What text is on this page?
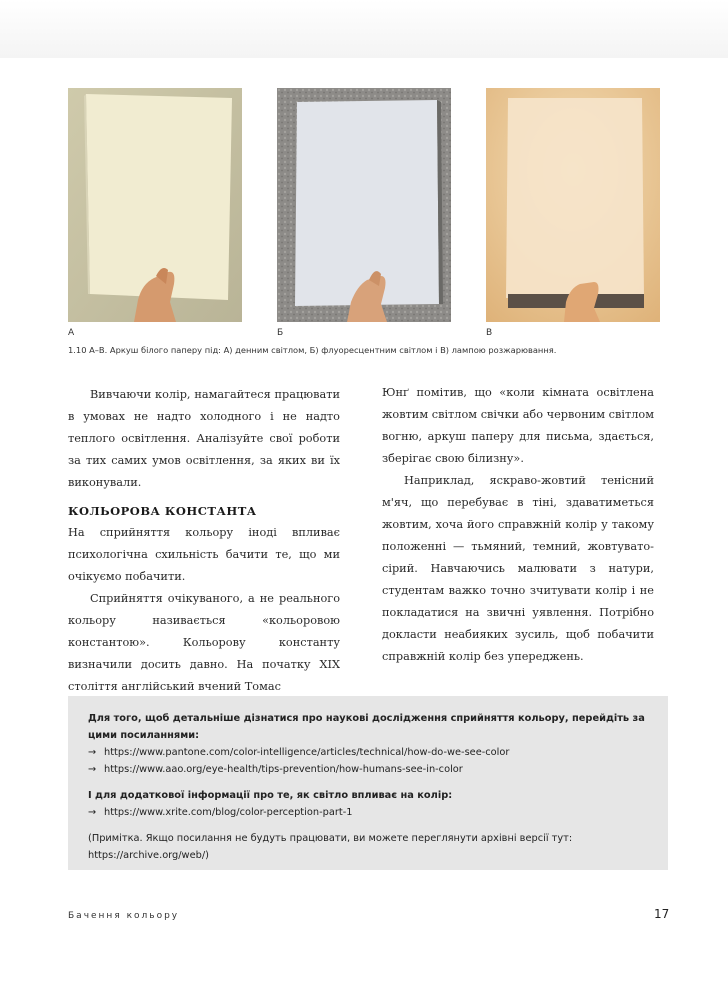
А	Б	В
1.10 А–В. Аркуш білого паперу під: А) денним світлом, Б) флуоресцентним світлом і В) лампою розжарювання.

Вивчаючи колір, намагайтеся працювати в умовах не надто холодного і не надто теплого освітлення. Аналізуйте свої роботи за тих самих умов освітлення, за яких ви їх виконували.

КОЛЬОРОВА КОНСТАНТА

На сприйняття кольору іноді впливає психологічна схильність бачити те, що ми очікуємо побачити.

Сприйняття очікуваного, а не реального кольору називається «кольоровою константою». Кольорову константу визначили досить давно. На початку XIX століття англійський вчений Томас

Юнґ помітив, що «коли кімната освітлена жовтим світлом свічки або червоним світлом вогню, аркуш паперу для письма, здається, зберігає свою білизну».

Наприклад, яскраво-жовтий тенісний м'яч, що перебуває в тіні, здаватиметься жовтим, хоча його справжній колір у такому положенні — тьмяний, темний, жовтувато-сірий. Навчаючись малювати з натури, студентам важко точно зчитувати колір і не покладатися на звичні уявлення. Потрібно докласти неабияких зусиль, щоб побачити справжній колір без упереджень.

Для того, щоб детальніше дізнатися про наукові дослідження сприйняття кольору, перейдіть за цими посиланнями:
→ https://www.pantone.com/color-intelligence/articles/technical/how-do-we-see-color
→ https://www.aao.org/eye-health/tips-prevention/how-humans-see-in-color
І для додаткової інформації про те, як світло впливає на колір:
→ https://www.xrite.com/blog/color-perception-part-1
(Примітка. Якщо посилання не будуть працювати, ви можете переглянути архівні версії тут: https://archive.org/web/)
Бачення кольору	17
